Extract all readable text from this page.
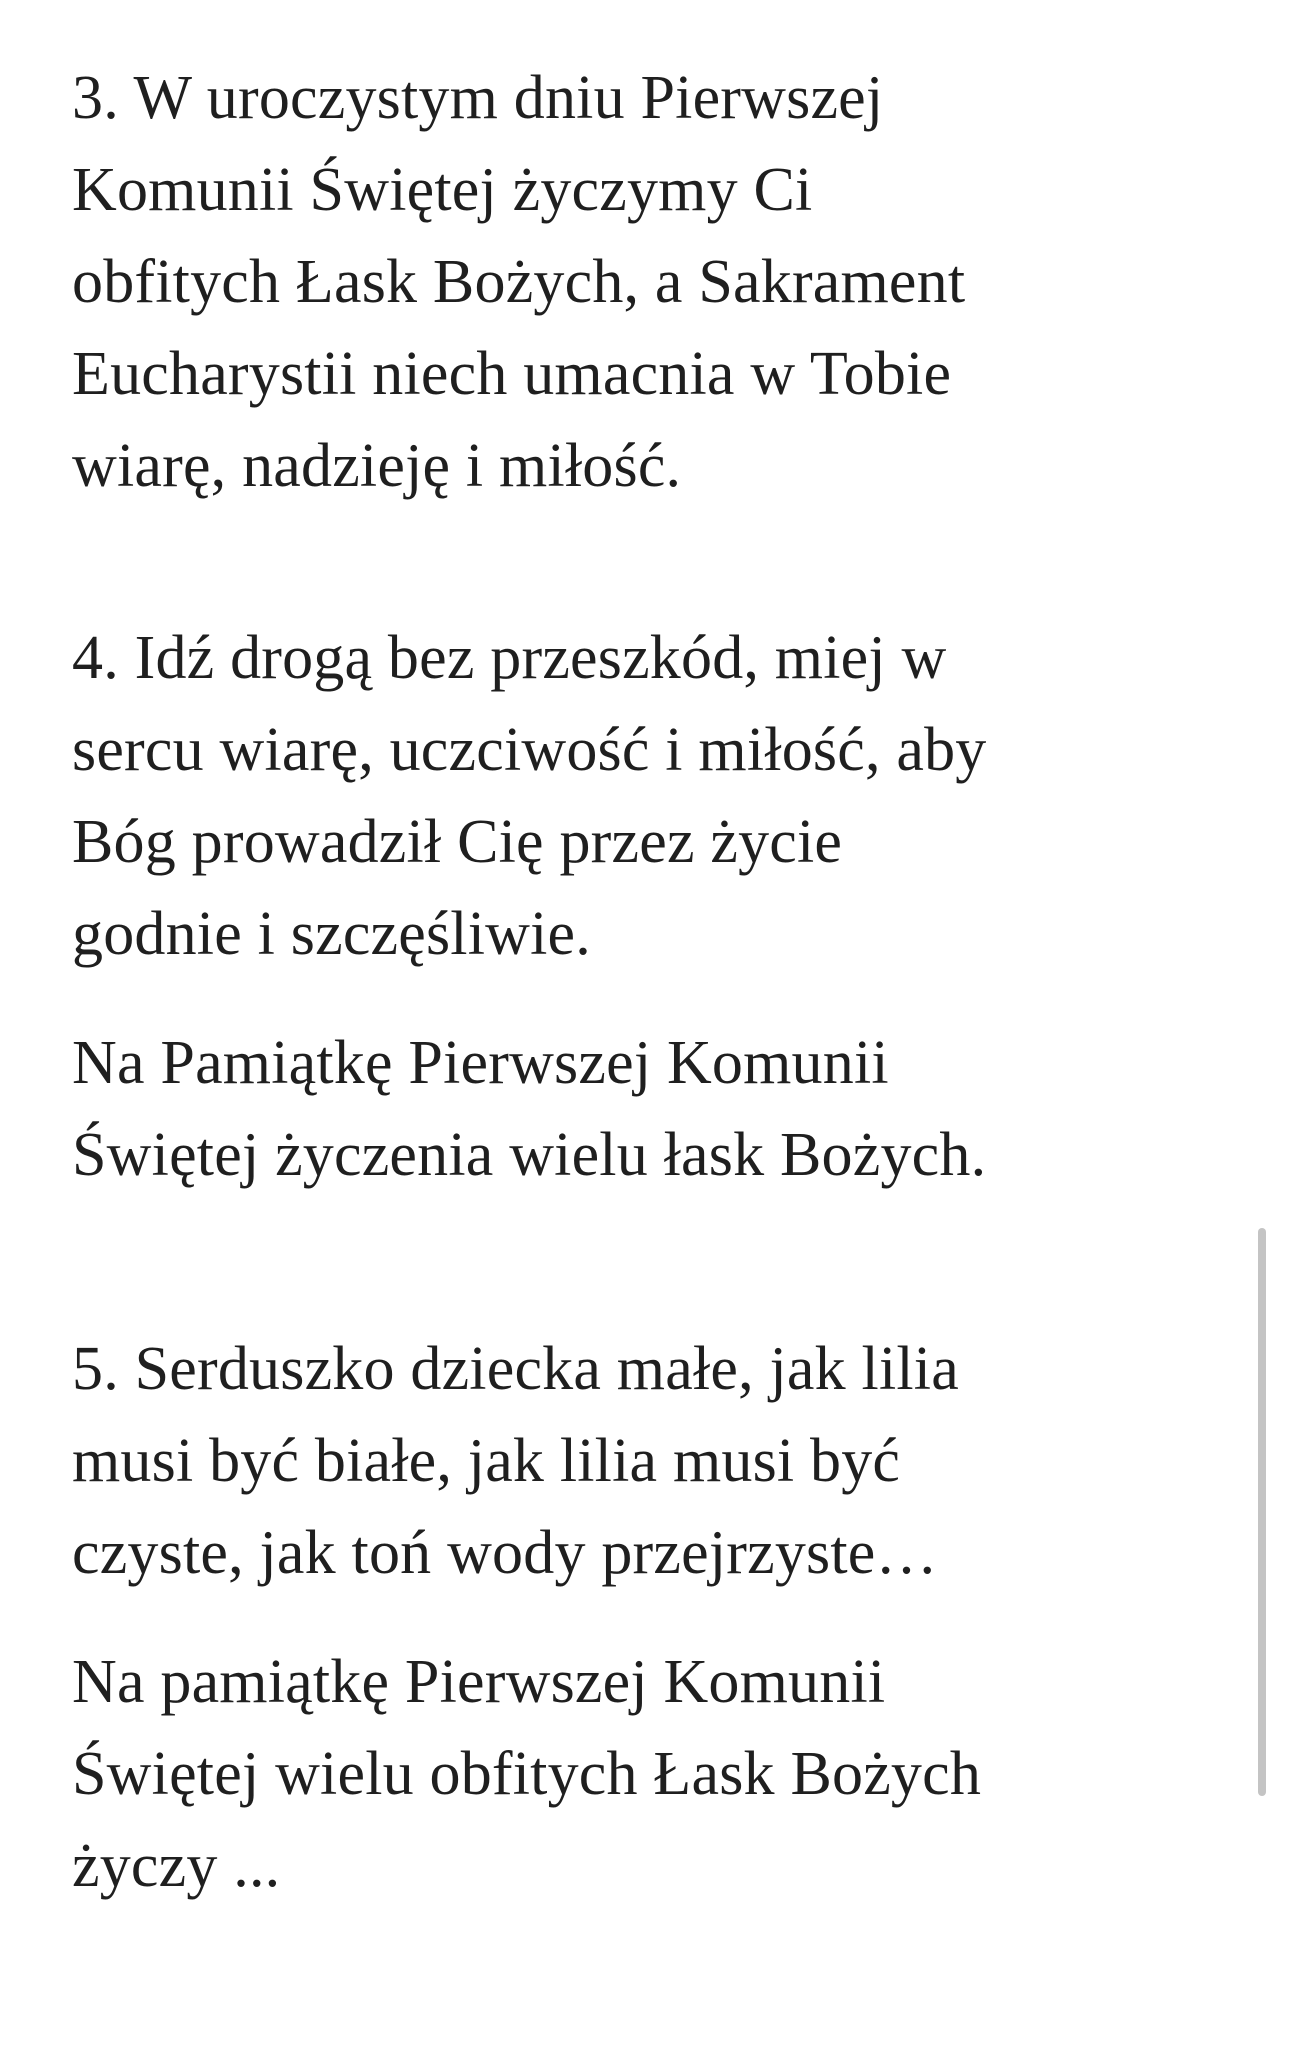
3. W uroczystym dniu Pierwszej
Komunii Świętej życzymy Ci
obfitych Łask Bożych, a Sakrament
Eucharystii niech umacnia w Tobie
wiarę, nadzieję i miłość.

4. Idź drogą bez przeszkód, miej w
sercu wiarę, uczciwość i miłość, aby
Bóg prowadził Cię przez życie
godnie i szczęśliwie.

Na Pamiątkę Pierwszej Komunii
Świętej życzenia wielu łask Bożych.

5. Serduszko dziecka małe, jak lilia
musi być białe, jak lilia musi być
czyste, jak toń wody przejrzyste…

Na pamiątkę Pierwszej Komunii
Świętej wielu obfitych Łask Bożych
życzy ...
